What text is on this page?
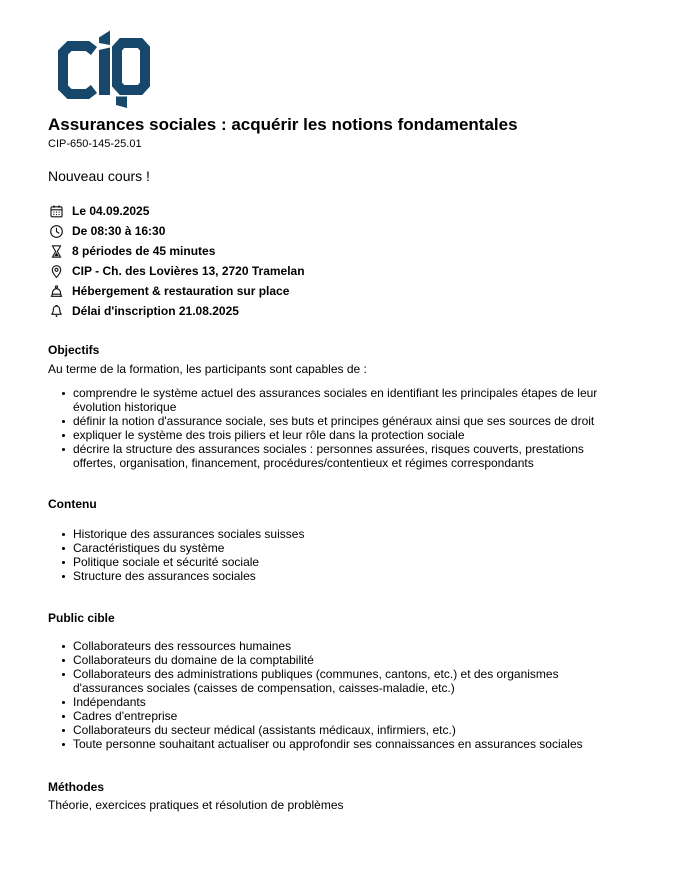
Assurances sociales : acquérir les notions fondamentales
CIP-650-145-25.01
Nouveau cours !
Le 04.09.2025
De 08:30 à 16:30
8 périodes de 45 minutes
CIP - Ch. des Lovières 13, 2720 Tramelan
Hébergement & restauration sur place
Délai d'inscription 21.08.2025
Objectifs

Au terme de la formation, les participants sont capables de :

comprendre le système actuel des assurances sociales en identifiant les principales étapes de leur évolution historique
définir la notion d'assurance sociale, ses buts et principes généraux ainsi que ses sources de droit
expliquer le système des trois piliers et leur rôle dans la protection sociale
décrire la structure des assurances sociales : personnes assurées, risques couverts, prestations offertes, organisation, financement, procédures/contentieux et régimes correspondants
Contenu
Historique des assurances sociales suisses
Caractéristiques du système
Politique sociale et sécurité sociale
Structure des assurances sociales
Public cible
Collaborateurs des ressources humaines
Collaborateurs du domaine de la comptabilité
Collaborateurs des administrations publiques (communes, cantons, etc.) et des organismes d'assurances sociales (caisses de compensation, caisses-maladie, etc.)
Indépendants
Cadres d'entreprise
Collaborateurs du secteur médical (assistants médicaux, infirmiers, etc.)
Toute personne souhaitant actualiser ou approfondir ses connaissances en assurances sociales
Méthodes

Théorie, exercices pratiques et résolution de problèmes
